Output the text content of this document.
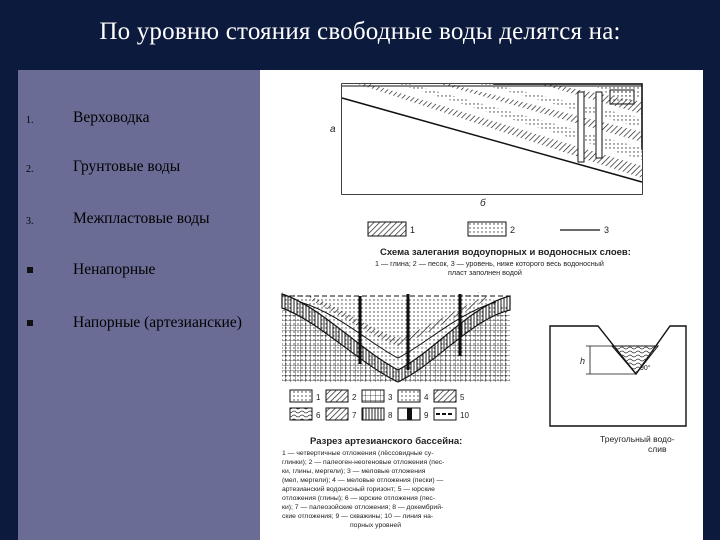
По уровню стояния свободные воды делятся на:
1.	Верховодка
2.	Грунтовые воды
3.	Межпластовые воды
Ненапорные
Напорные (артезианские)
а
б
1	2	3
Схема залегания водоупорных и водоносных слоев:
1 — глина; 2 — песок, 3 — уровень, ниже которого весь водоносный
пласт заполнен водой
1	2	3	4	5
6	7	8	9	10
Разрез артезианского бассейна:
1 — четвертичные отложения (лёссовидные су-
глинки); 2 — палеоген-неогеновые отложения (пес-
ки, глины, мергели); 3 — меловые отложения
(мел, мергели); 4 — меловые отложения (пески) —
артезианский водоносный горизонт; 5 — юрские
отложения (глины); 6 — юрские отложения (пес-
ки); 7 — палеозойские отложения; 8 — докембрий-
ские отложения; 9 — скважины; 10 — линия на-
порных уровней
h
90°
Треугольный водо-
слив
